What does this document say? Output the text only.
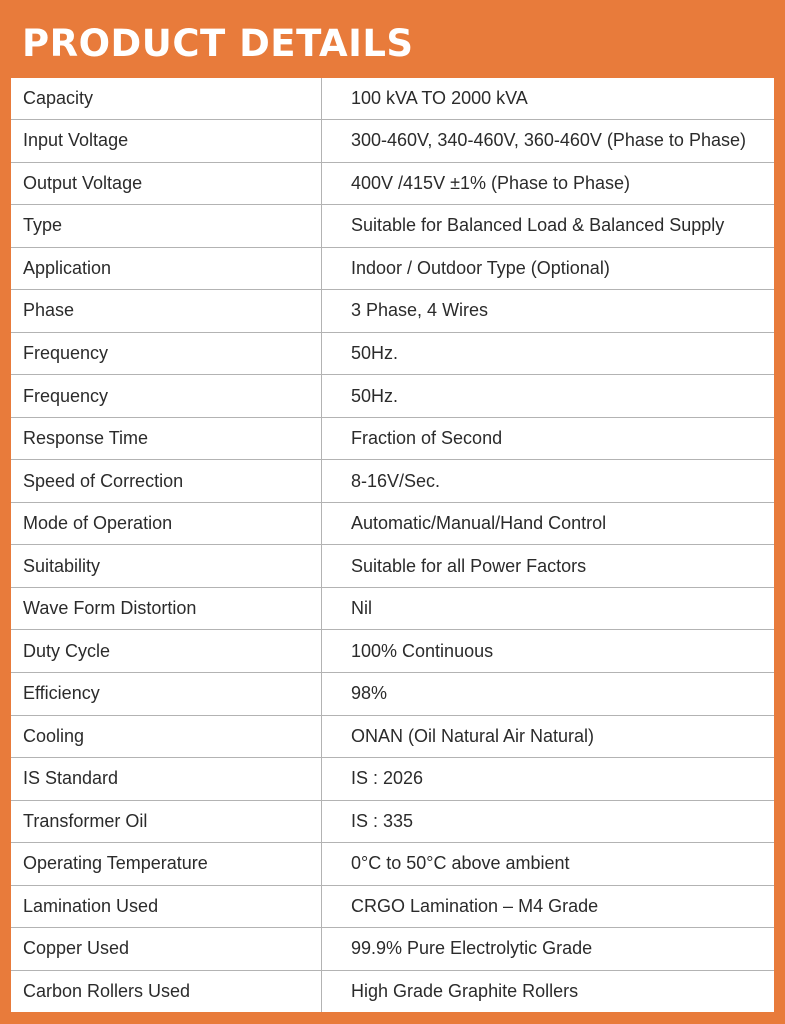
PRODUCT DETAILS
Capacity	100 kVA TO 2000 kVA
Input Voltage	300-460V, 340-460V, 360-460V (Phase to Phase)
Output Voltage	400V /415V ±1% (Phase to Phase)
Type	Suitable for Balanced Load & Balanced Supply
Application	Indoor / Outdoor Type (Optional)
Phase	3 Phase, 4 Wires
Frequency	50Hz.
Frequency	50Hz.
Response Time	Fraction of Second
Speed of Correction	8-16V/Sec.
Mode of Operation	Automatic/Manual/Hand Control
Suitability	Suitable for all Power Factors
Wave Form Distortion	Nil
Duty Cycle	100% Continuous
Efficiency	98%
Cooling	ONAN (Oil Natural Air Natural)
IS Standard	IS : 2026
Transformer Oil	IS : 335
Operating Temperature	0°C to 50°C above ambient
Lamination Used	CRGO Lamination – M4 Grade
Copper Used	99.9% Pure Electrolytic Grade
Carbon Rollers Used	High Grade Graphite Rollers
